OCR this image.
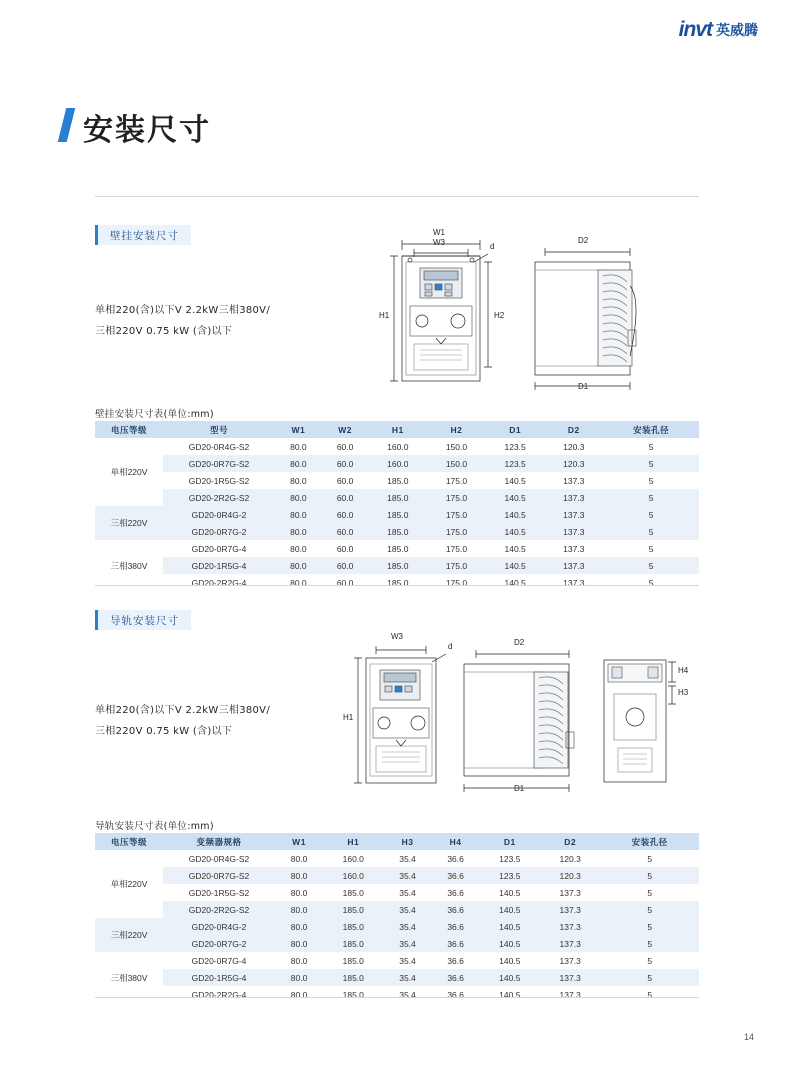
invt 英威腾
安装尺寸
壁挂安装尺寸
单相220(含)以下V 2.2kW三相380V/
三相220V 0.75 kW (含)以下
W1
W3	d
H1	H2
D2
D1
壁挂安装尺寸表(单位:mm)
电压等级	型号	W1	W2	H1	H2	D1	D2	安装孔径
单相220V	GD20-0R4G-S2	80.0	60.0	160.0	150.0	123.5	120.3	5
	GD20-0R7G-S2	80.0	60.0	160.0	150.0	123.5	120.3	5
	GD20-1R5G-S2	80.0	60.0	185.0	175.0	140.5	137.3	5
	GD20-2R2G-S2	80.0	60.0	185.0	175.0	140.5	137.3	5
三相220V	GD20-0R4G-2	80.0	60.0	185.0	175.0	140.5	137.3	5
	GD20-0R7G-2	80.0	60.0	185.0	175.0	140.5	137.3	5
三相380V	GD20-0R7G-4	80.0	60.0	185.0	175.0	140.5	137.3	5
	GD20-1R5G-4	80.0	60.0	185.0	175.0	140.5	137.3	5
	GD20-2R2G-4	80.0	60.0	185.0	175.0	140.5	137.3	5
导轨安装尺寸
单相220(含)以下V 2.2kW三相380V/
三相220V 0.75 kW (含)以下
W3
d
H1
D2
H4
H3
D1
导轨安装尺寸表(单位:mm)
电压等级	变频器规格	W1	H1	H3	H4	D1	D2	安装孔径
单相220V	GD20-0R4G-S2	80.0	160.0	35.4	36.6	123.5	120.3	5
	GD20-0R7G-S2	80.0	160.0	35.4	36.6	123.5	120.3	5
	GD20-1R5G-S2	80.0	185.0	35.4	36.6	140.5	137.3	5
	GD20-2R2G-S2	80.0	185.0	35.4	36.6	140.5	137.3	5
三相220V	GD20-0R4G-2	80.0	185.0	35.4	36.6	140.5	137.3	5
	GD20-0R7G-2	80.0	185.0	35.4	36.6	140.5	137.3	5
三相380V	GD20-0R7G-4	80.0	185.0	35.4	36.6	140.5	137.3	5
	GD20-1R5G-4	80.0	185.0	35.4	36.6	140.5	137.3	5
	GD20-2R2G-4	80.0	185.0	35.4	36.6	140.5	137.3	5
14
